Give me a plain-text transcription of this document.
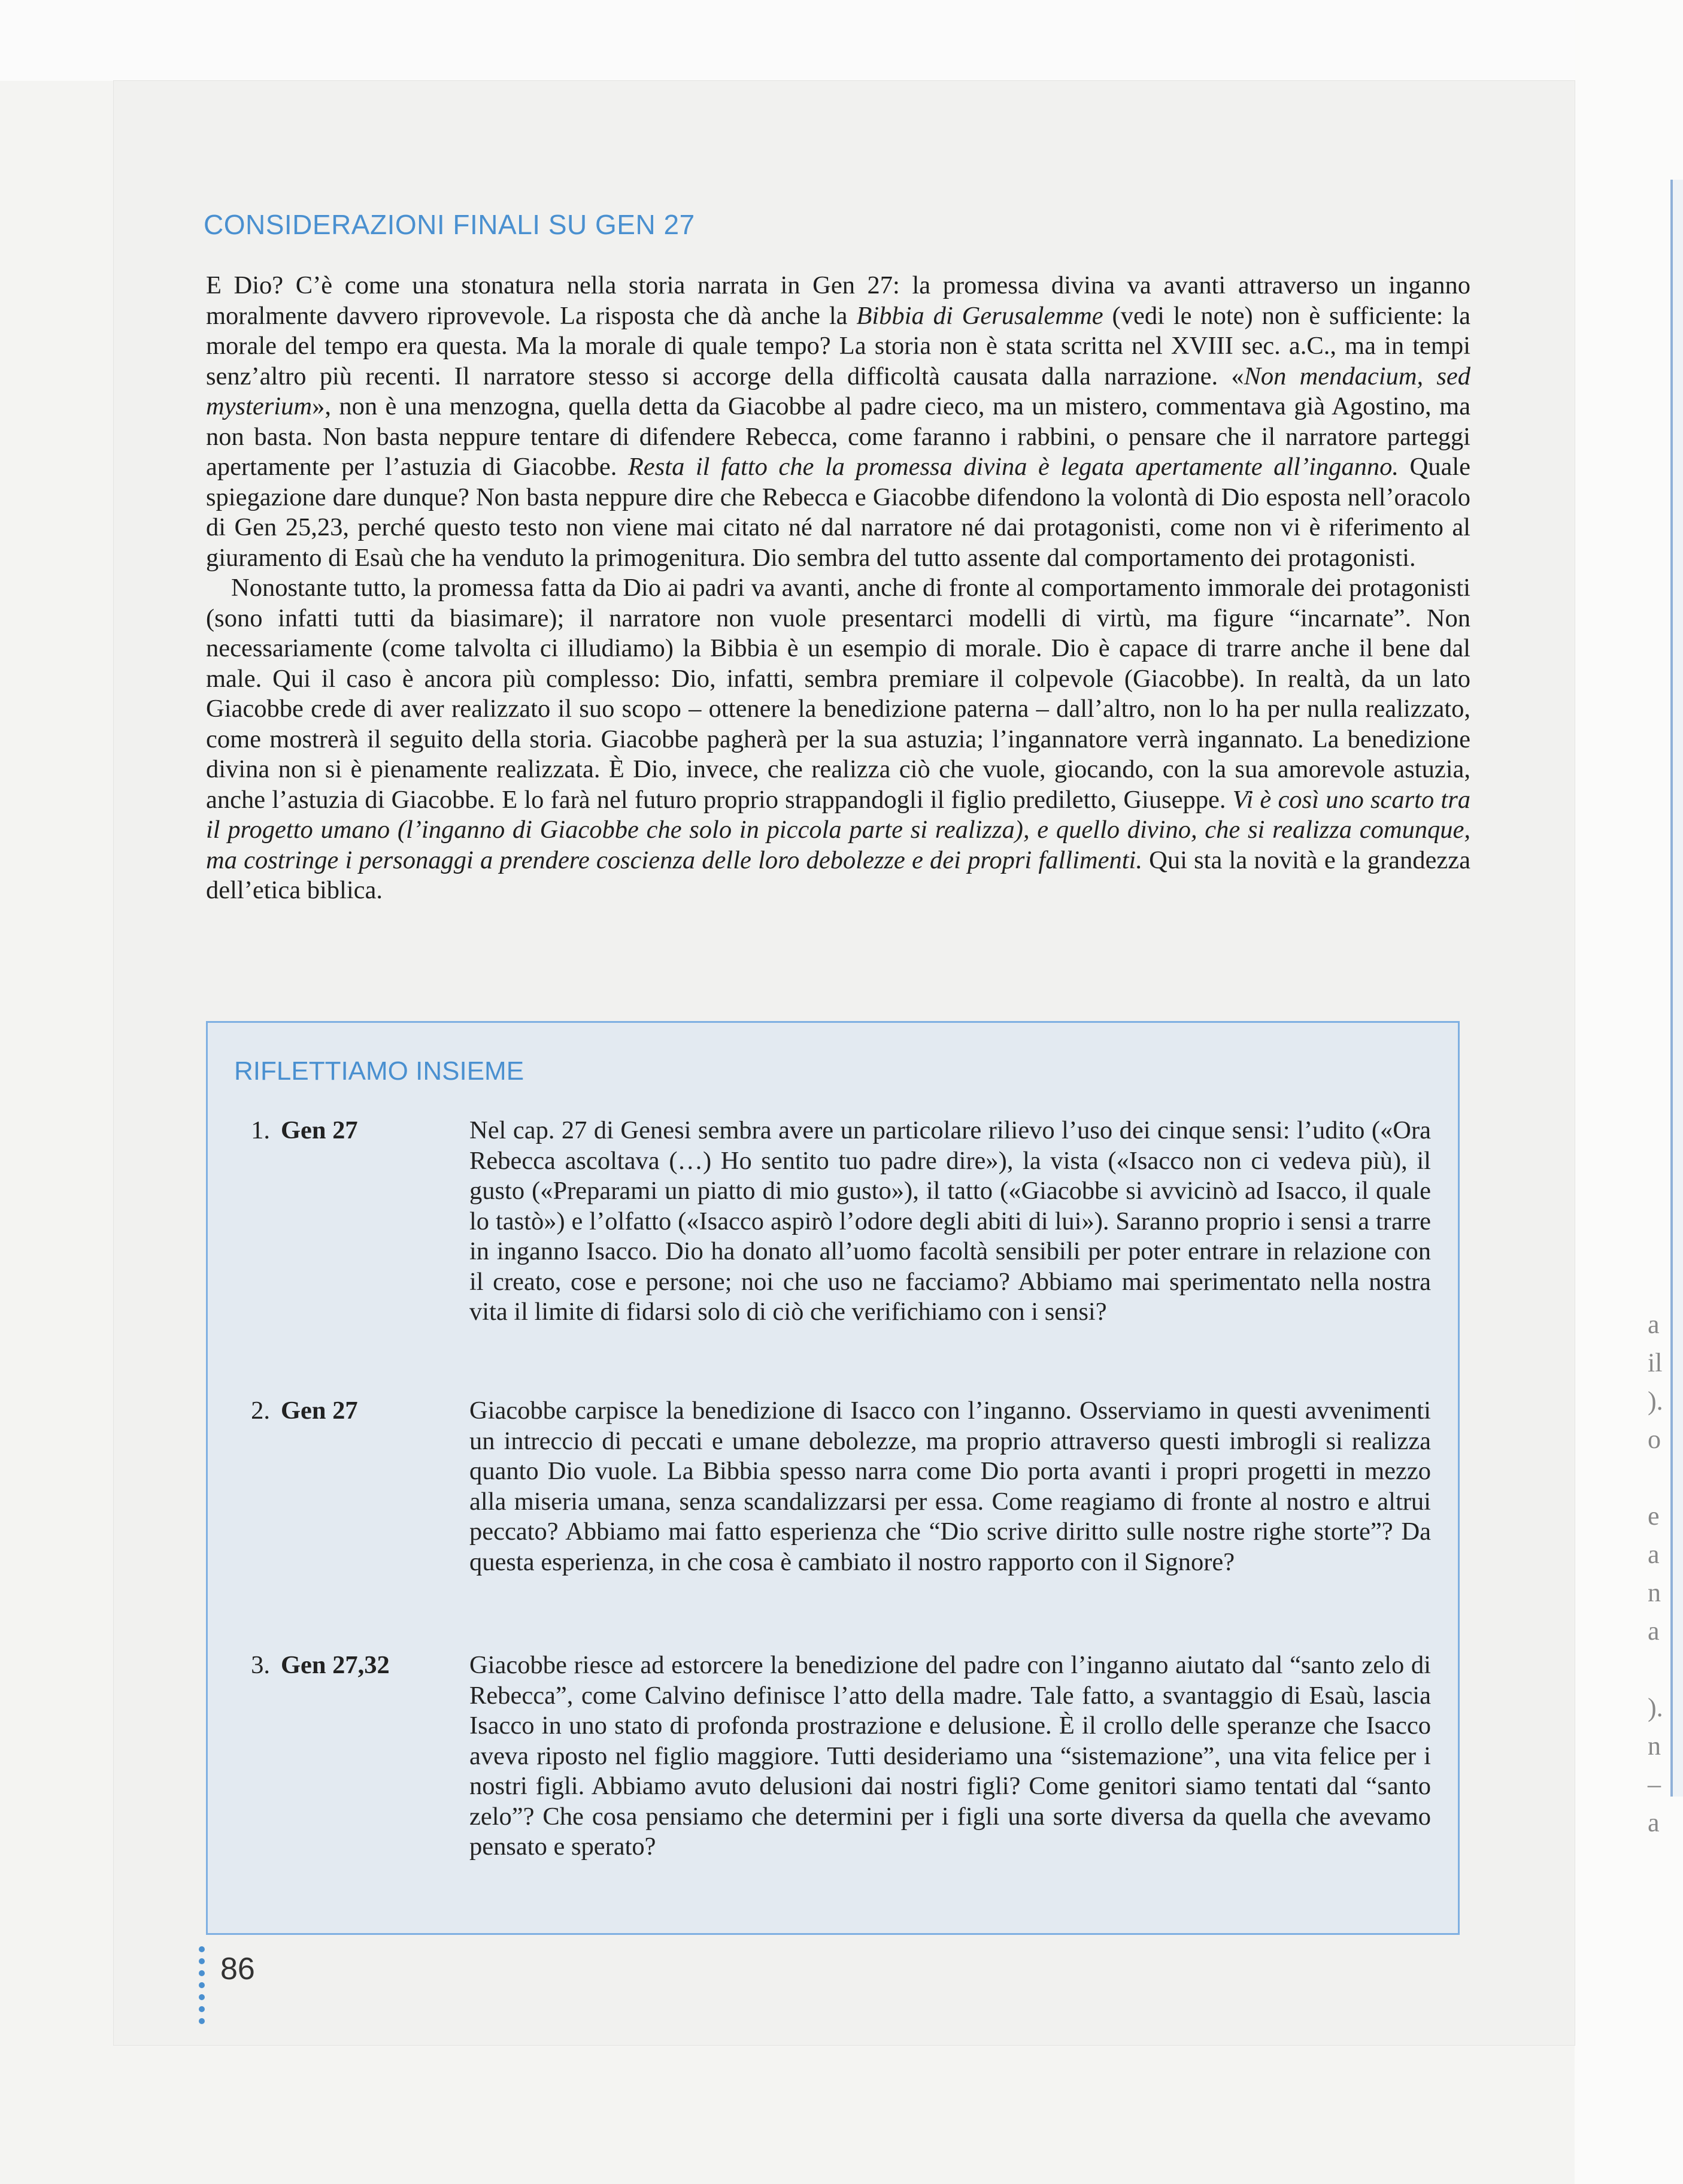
a
il
).
o

e
a
n
a

).
n
–
a
CONSIDERAZIONI FINALI SU GEN 27

E Dio? C’è come una stonatura nella storia narrata in Gen 27: la promessa divina va avanti attraverso un inganno moralmente davvero riprovevole. La risposta che dà anche la Bibbia di Gerusalemme (vedi le note) non è sufficiente: la morale del tempo era questa. Ma la morale di quale tempo? La storia non è stata scritta nel XVIII sec. a.C., ma in tempi senz’altro più recenti. Il narratore stesso si accorge della difficoltà causata dalla narrazione. «Non mendacium, sed mysterium», non è una menzogna, quella detta da Giacobbe al padre cieco, ma un mistero, commentava già Agostino, ma non basta. Non basta neppure tentare di difendere Rebecca, come faranno i rabbini, o pensare che il narratore parteggi apertamente per l’astuzia di Giacobbe. Resta il fatto che la promessa divina è legata apertamente all’inganno. Quale spiegazione dare dunque? Non basta neppure dire che Rebecca e Giacobbe difendono la volontà di Dio esposta nell’oracolo di Gen 25,23, perché questo testo non viene mai citato né dal narratore né dai protagonisti, come non vi è riferimento al giuramento di Esaù che ha venduto la primogenitura. Dio sembra del tutto assente dal comportamento dei protagonisti.

Nonostante tutto, la promessa fatta da Dio ai padri va avanti, anche di fronte al comportamento immorale dei protagonisti (sono infatti tutti da biasimare); il narratore non vuole presentarci modelli di virtù, ma figure “incarnate”. Non necessariamente (come talvolta ci illudiamo) la Bibbia è un esempio di morale. Dio è capace di trarre anche il bene dal male. Qui il caso è ancora più complesso: Dio, infatti, sembra premiare il colpevole (Giacobbe). In realtà, da un lato Giacobbe crede di aver realizzato il suo scopo – ottenere la benedizione paterna – dall’altro, non lo ha per nulla realizzato, come mostrerà il seguito della storia. Giacobbe pagherà per la sua astuzia; l’ingannatore verrà ingannato. La benedizione divina non si è pienamente realizzata. È Dio, invece, che realizza ciò che vuole, giocando, con la sua amorevole astuzia, anche l’astuzia di Giacobbe. E lo farà nel futuro proprio strappandogli il figlio prediletto, Giuseppe. Vi è così uno scarto tra il progetto umano (l’inganno di Giacobbe che solo in piccola parte si realizza), e quello divino, che si realizza comunque, ma costringe i personaggi a prendere coscienza delle loro debolezze e dei propri fallimenti. Qui sta la novità e la grandezza dell’etica biblica.

RIFLETTIAMO INSIEME
1. Gen 27	Nel cap. 27 di Genesi sembra avere un particolare rilievo l’uso dei cinque sensi: l’udito («Ora Rebecca ascoltava (…) Ho sentito tuo padre dire»), la vista («Isacco non ci vedeva più), il gusto («Preparami un piatto di mio gusto»), il tatto («Giacobbe si avvicinò ad Isacco, il quale lo tastò») e l’olfatto («Isacco aspirò l’odore degli abiti di lui»). Saranno proprio i sensi a trarre in inganno Isacco. Dio ha donato all’uomo facoltà sensibili per poter entrare in relazione con il creato, cose e persone; noi che uso ne facciamo? Abbiamo mai sperimentato nella nostra vita il limite di fidarsi solo di ciò che verifichiamo con i sensi?
2. Gen 27	Giacobbe carpisce la benedizione di Isacco con l’inganno. Osserviamo in questi avvenimenti un intreccio di peccati e umane debolezze, ma proprio attraverso questi imbrogli si realizza quanto Dio vuole. La Bibbia spesso narra come Dio porta avanti i propri progetti in mezzo alla miseria umana, senza scandalizzarsi per essa. Come reagiamo di fronte al nostro e altrui peccato? Abbiamo mai fatto esperienza che “Dio scrive diritto sulle nostre righe storte”? Da questa esperienza, in che cosa è cambiato il nostro rapporto con il Signore?
3. Gen 27,32	Giacobbe riesce ad estorcere la benedizione del padre con l’inganno aiutato dal “santo zelo di Rebecca”, come Calvino definisce l’atto della madre. Tale fatto, a svantaggio di Esaù, lascia Isacco in uno stato di profonda prostrazione e delusione. È il crollo delle speranze che Isacco aveva riposto nel figlio maggiore. Tutti desideriamo una “sistemazione”, una vita felice per i nostri figli. Abbiamo avuto delusioni dai nostri figli? Come genitori siamo tentati dal “santo zelo”? Che cosa pensiamo che determini per i figli una sorte diversa da quella che avevamo pensato e sperato?
86
